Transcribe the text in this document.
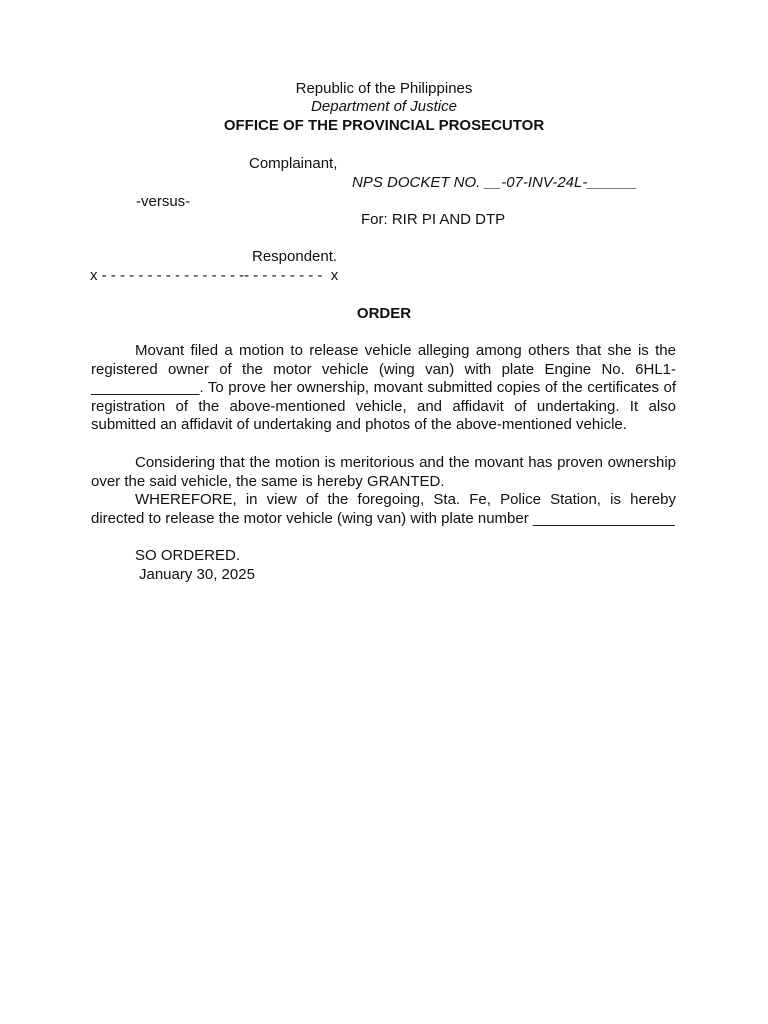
Republic of the Philippines
Department of Justice
OFFICE OF THE PROVINCIAL PROSECUTOR
Complainant,
NPS DOCKET NO. __-07-INV-24L-______
-versus-
For: RIR PI AND DTP
Respondent.
x - - - - - - - - - - - - - - - -- - - - - - - - -  x
ORDER

Movant filed a motion to release vehicle alleging among others that she is the registered owner of the motor vehicle (wing van) with plate Engine No. 6HL1-_____________. To prove her ownership, movant submitted copies of the certificates of registration of the above-mentioned vehicle, and affidavit of undertaking. It also submitted an affidavit of undertaking and photos of the above-mentioned vehicle.

Considering that the motion is meritorious and the movant has proven ownership over the said vehicle, the same is hereby GRANTED.

WHEREFORE, in view of the foregoing, Sta. Fe, Police Station, is hereby directed to release the motor vehicle (wing van) with plate number _________________

SO ORDERED.
January 30, 2025
